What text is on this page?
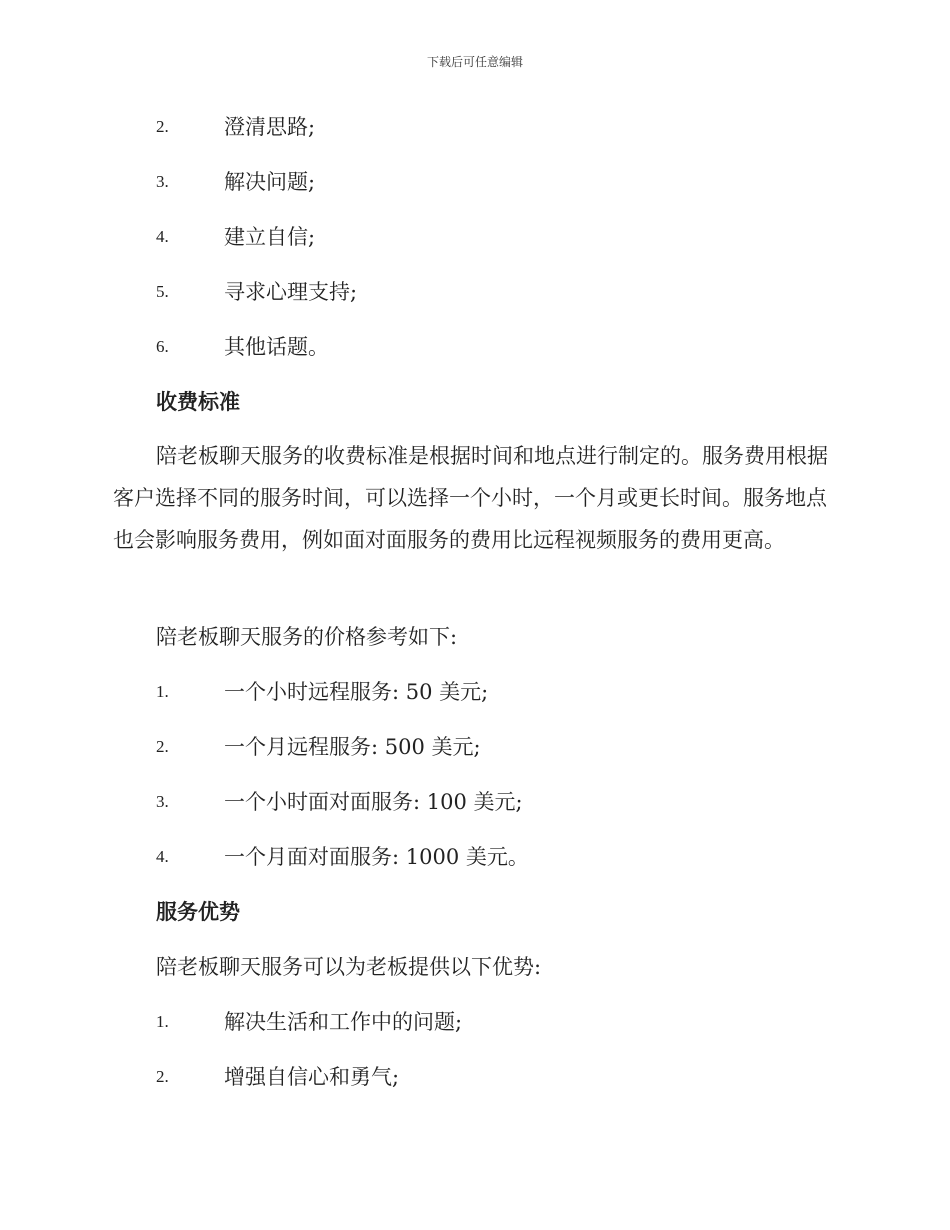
下载后可任意编辑
2.	澄清思路;
3.	解决问题;
4.	建立自信;
5.	寻求心理支持;
6.	其他话题。
收费标准
陪老板聊天服务的收费标准是根据时间和地点进行制定的。服务费用根据客户选择不同的服务时间，可以选择一个小时，一个月或更长时间。服务地点也会影响服务费用，例如面对面服务的费用比远程视频服务的费用更高。
陪老板聊天服务的价格参考如下:
1.	一个小时远程服务: 50 美元;
2.	一个月远程服务: 500 美元;
3.	一个小时面对面服务: 100 美元;
4.	一个月面对面服务: 1000 美元。
服务优势
陪老板聊天服务可以为老板提供以下优势:
1.	解决生活和工作中的问题;
2.	增强自信心和勇气;
